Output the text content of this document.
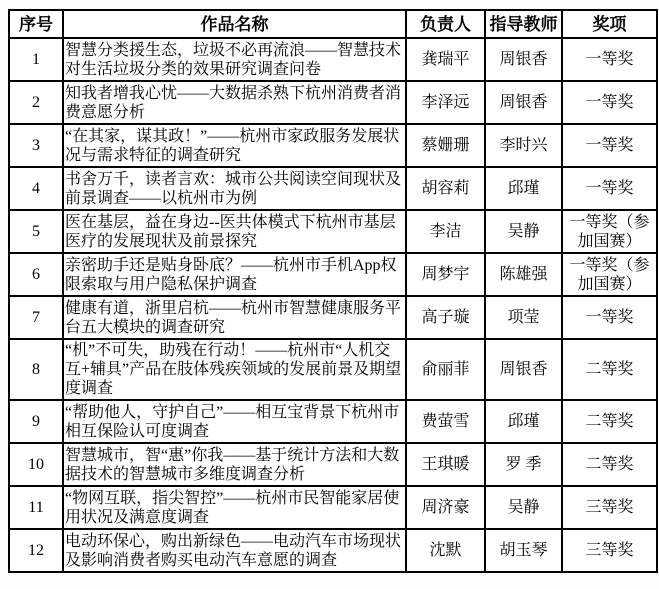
序号	作品名称	负责人	指导教师	奖项
1	智慧分类援生态，垃圾不必再流浪——智慧技术对生活垃圾分类的效果研究调查问卷	龚瑞平	周银香	一等奖
2	知我者增我心忧——大数据杀熟下杭州消费者消费意愿分析	李泽远	周银香	一等奖
3	“在其家，谋其政！”——杭州市家政服务发展状况与需求特征的调查研究	蔡姗珊	李时兴	一等奖
4	书舍万千，读者言欢：城市公共阅读空间现状及前景调查——以杭州市为例	胡容莉	邱瑾	一等奖
5	医在基层，益在身边--医共体模式下杭州市基层医疗的发展现状及前景探究	李洁	吴静	一等奖（参加国赛）
6	亲密助手还是贴身卧底？——杭州市手机App权限索取与用户隐私保护调查	周梦宇	陈雄强	一等奖（参加国赛）
7	健康有道，浙里启杭——杭州市智慧健康服务平台五大模块的调查研究	高子璇	项莹	一等奖
8	“机”不可失，助残在行动！——杭州市“人机交互+辅具”产品在肢体残疾领域的发展前景及期望度调查	俞丽菲	周银香	二等奖
9	“帮助他人，守护自己”——相互宝背景下杭州市相互保险认可度调查	费萤雪	邱瑾	二等奖
10	智慧城市，智“惠”你我——基于统计方法和大数据技术的智慧城市多维度调查分析	王琪暖	罗 季	二等奖
11	“物网互联，指尖智控”——杭州市民智能家居使用状况及满意度调查	周济豪	吴静	三等奖
12	电动环保心，购出新绿色——电动汽车市场现状及影响消费者购买电动汽车意愿的调查	沈默	胡玉琴	三等奖
